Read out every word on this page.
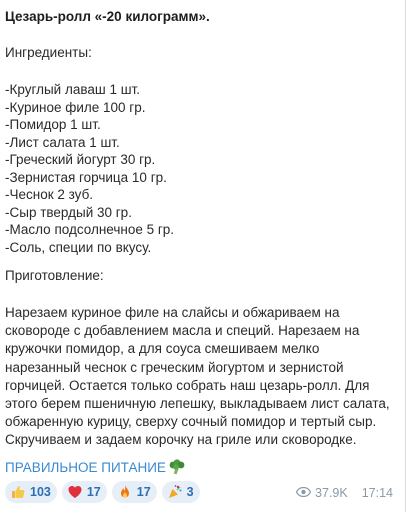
Цезарь-ролл «-20 килограмм».
Ингредиенты:
-Круглый лаваш 1 шт.
-Куриное филе 100 гр.
-Помидор 1 шт.
-Лист салата 1 шт.
-Греческий йогурт 30 гр.
-Зернистая горчица 10 гр.
-Чеснок 2 зуб.
-Сыр твердый 30 гр.
-Масло подсолнечное 5 гр.
-Соль, специи по вкусу.
Приготовление:
Нарезаем куриное филе на слайсы и обжариваем на сковороде с добавлением масла и специй. Нарезаем на кружочки помидор, а для соуса смешиваем мелко нарезанный чеснок с греческим йогуртом и зернистой горчицей. Остается только собрать наш цезарь-ролл. Для этого берем пшеничную лепешку, выкладываем лист салата, обжаренную курицу, сверху сочный помидор и тертый сыр. Скручиваем и задаем корочку на гриле или сковородке.
ПРАВИЛЬНОЕ ПИТАНИЕ
103	17	17	3	37.9K 17:14
